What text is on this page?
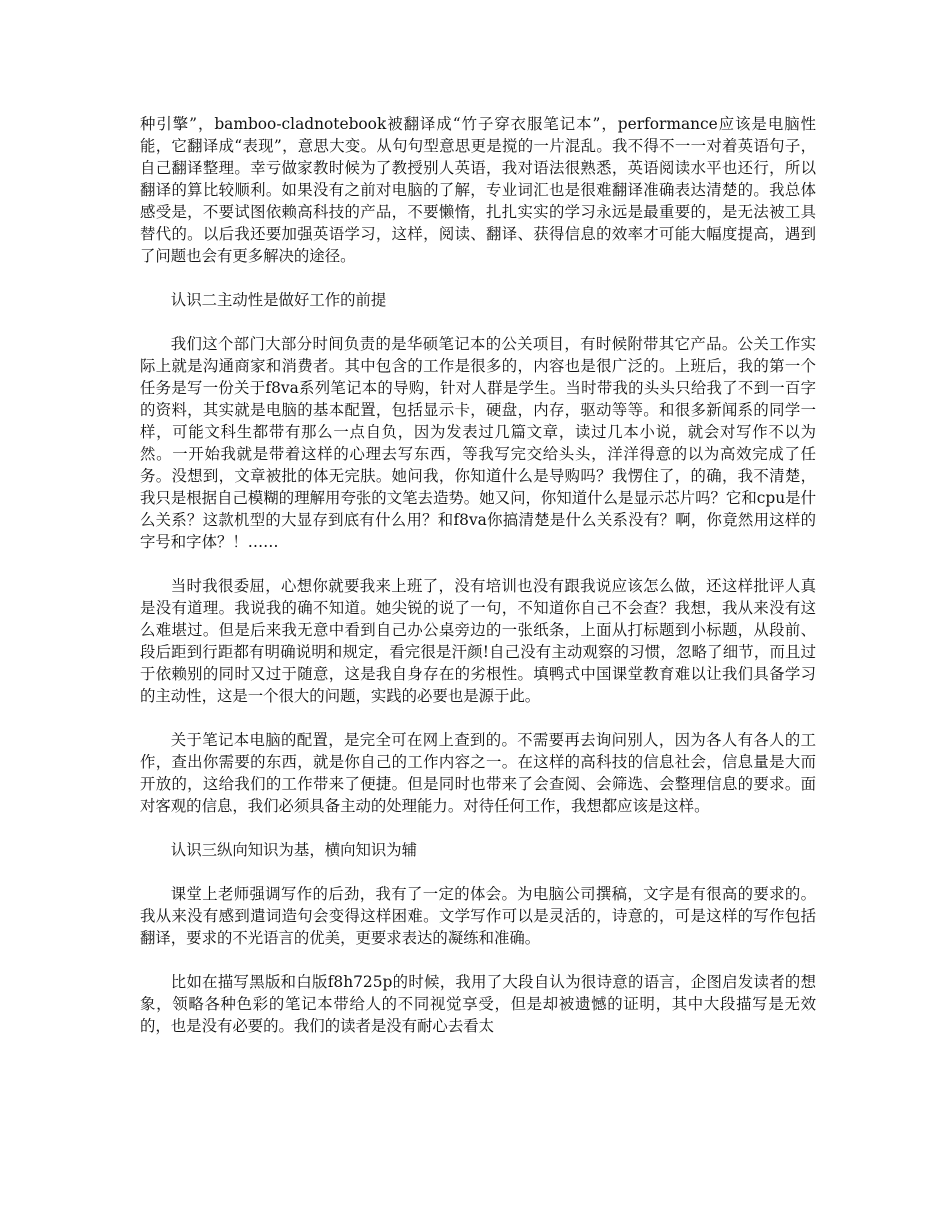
种引擎”，bamboo-cladnotebook被翻译成“竹子穿衣服笔记本”，performance应该是电脑性能，它翻译成“表现”，意思大变。从句句型意思更是搅的一片混乱。我不得不一一对着英语句子，自己翻译整理。幸亏做家教时候为了教授别人英语，我对语法很熟悉，英语阅读水平也还行，所以翻译的算比较顺利。如果没有之前对电脑的了解，专业词汇也是很难翻译准确表达清楚的。我总体感受是，不要试图依赖高科技的产品，不要懒惰，扎扎实实的学习永远是最重要的，是无法被工具替代的。以后我还要加强英语学习，这样，阅读、翻译、获得信息的效率才可能大幅度提高，遇到了问题也会有更多解决的途径。

认识二主动性是做好工作的前提

我们这个部门大部分时间负责的是华硕笔记本的公关项目，有时候附带其它产品。公关工作实际上就是沟通商家和消费者。其中包含的工作是很多的，内容也是很广泛的。上班后，我的第一个任务是写一份关于f8va系列笔记本的导购，针对人群是学生。当时带我的头头只给我了不到一百字的资料，其实就是电脑的基本配置，包括显示卡，硬盘，内存，驱动等等。和很多新闻系的同学一样，可能文科生都带有那么一点自负，因为发表过几篇文章，读过几本小说，就会对写作不以为然。一开始我就是带着这样的心理去写东西，等我写完交给头头，洋洋得意的以为高效完成了任务。没想到，文章被批的体无完肤。她问我，你知道什么是导购吗？我愣住了，的确，我不清楚，我只是根据自己模糊的理解用夸张的文笔去造势。她又问，你知道什么是显示芯片吗？它和cpu是什么关系？这款机型的大显存到底有什么用？和f8va你搞清楚是什么关系没有？啊，你竟然用这样的字号和字体？！……

当时我很委屈，心想你就要我来上班了，没有培训也没有跟我说应该怎么做，还这样批评人真是没有道理。我说我的确不知道。她尖锐的说了一句，不知道你自己不会查？我想，我从来没有这么难堪过。但是后来我无意中看到自己办公桌旁边的一张纸条，上面从打标题到小标题，从段前、段后距到行距都有明确说明和规定，看完很是汗颜!自己没有主动观察的习惯，忽略了细节，而且过于依赖别的同时又过于随意，这是我自身存在的劣根性。填鸭式中国课堂教育难以让我们具备学习的主动性，这是一个很大的问题，实践的必要也是源于此。

关于笔记本电脑的配置，是完全可在网上查到的。不需要再去询问别人，因为各人有各人的工作，查出你需要的东西，就是你自己的工作内容之一。在这样的高科技的信息社会，信息量是大而开放的，这给我们的工作带来了便捷。但是同时也带来了会查阅、会筛选、会整理信息的要求。面对客观的信息，我们必须具备主动的处理能力。对待任何工作，我想都应该是这样。

认识三纵向知识为基，横向知识为辅

课堂上老师强调写作的后劲，我有了一定的体会。为电脑公司撰稿，文字是有很高的要求的。我从来没有感到遣词造句会变得这样困难。文学写作可以是灵活的，诗意的，可是这样的写作包括翻译，要求的不光语言的优美，更要求表达的凝练和准确。

比如在描写黑版和白版f8h725p的时候，我用了大段自认为很诗意的语言，企图启发读者的想象，领略各种色彩的笔记本带给人的不同视觉享受，但是却被遗憾的证明，其中大段描写是无效的，也是没有必要的。我们的读者是没有耐心去看太
